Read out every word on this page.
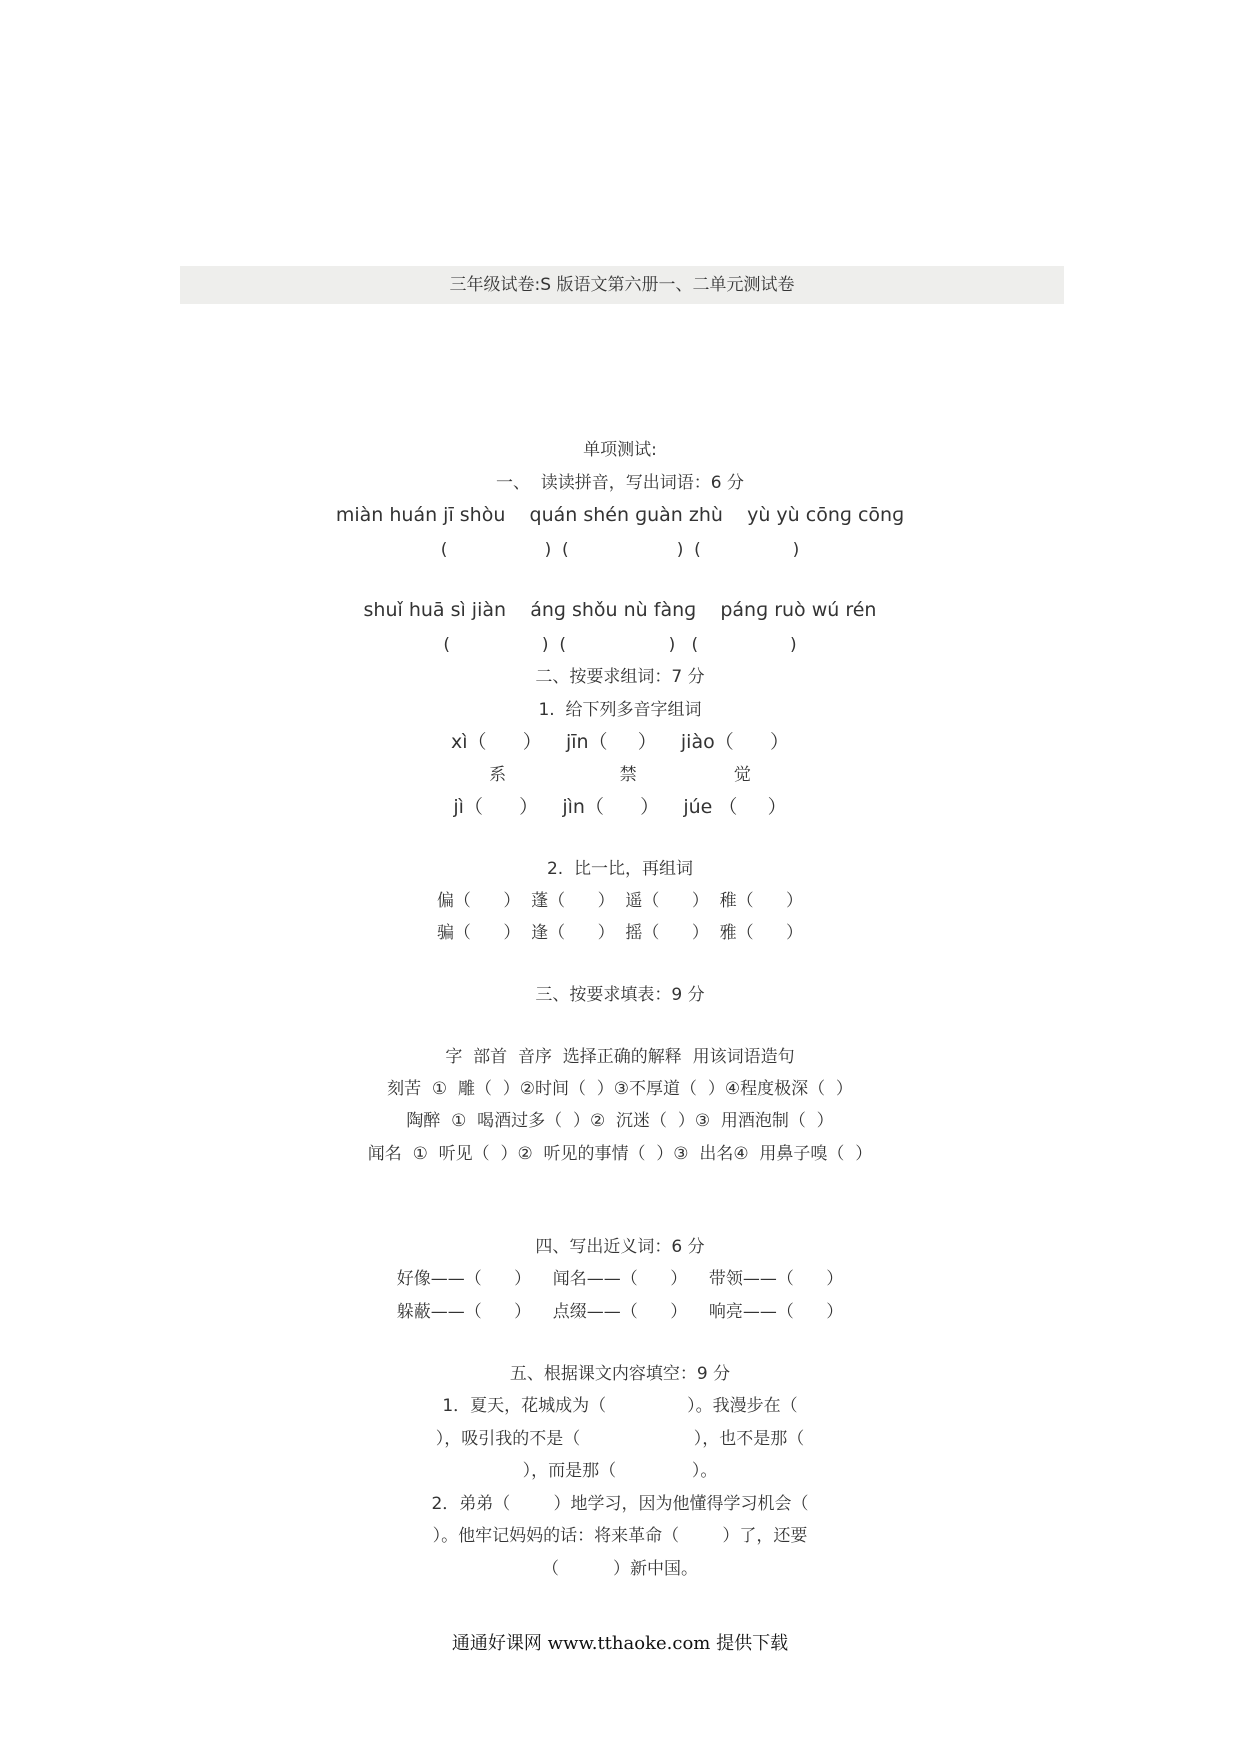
三年级试卷:S 版语文第六册一、二单元测试卷
单项测试:
一、  读读拼音，写出词语：6 分
miàn huán jī shòu    quán shén ɡuàn zhù    yù yù cōnɡ cōnɡ
(                  )  (                    )  (                 )
shuǐ huā sì jiàn    ánɡ shǒu nù fànɡ    pánɡ ruò wú rén
(                 )  (                   )   (                 )
二、按要求组词：7 分
1.  给下列多音字组词
xì（      ）    jīn（     ）    jiào（      ）
系                     禁                  觉
jì（      ）    jìn（      ）    júe （     ）
2.  比一比，再组词
偏（      ）  蓬（      ）  遥（      ）  稚（      ）
骗（      ）  逢（      ）  摇（      ）  雅（      ）
三、按要求填表：9 分
字  部首  音序  选择正确的解释  用该词语造句
刻苦  ①  雕（  ）②时间（  ）③不厚道（  ）④程度极深（  ）
陶醉  ①  喝酒过多（  ）②  沉迷（  ）③  用酒泡制（  ）
闻名  ①  听见（  ）②  听见的事情（  ）③  出名④  用鼻子嗅（  ）
四、写出近义词：6 分
好像——（      ）    闻名——（      ）    带领——（      ）
躲蔽——（      ）    点缀——（      ）    响亮——（      ）
五、根据课文内容填空：9 分
1．夏天，花城成为（               ）。我漫步在（
），吸引我的不是（                     ），也不是那（
），而是那（              ）。
2．弟弟（        ）地学习，因为他懂得学习机会（
）。他牢记妈妈的话：将来革命（        ）了，还要
（          ）新中国。
通通好课网 www.tthaoke.com 提供下载
